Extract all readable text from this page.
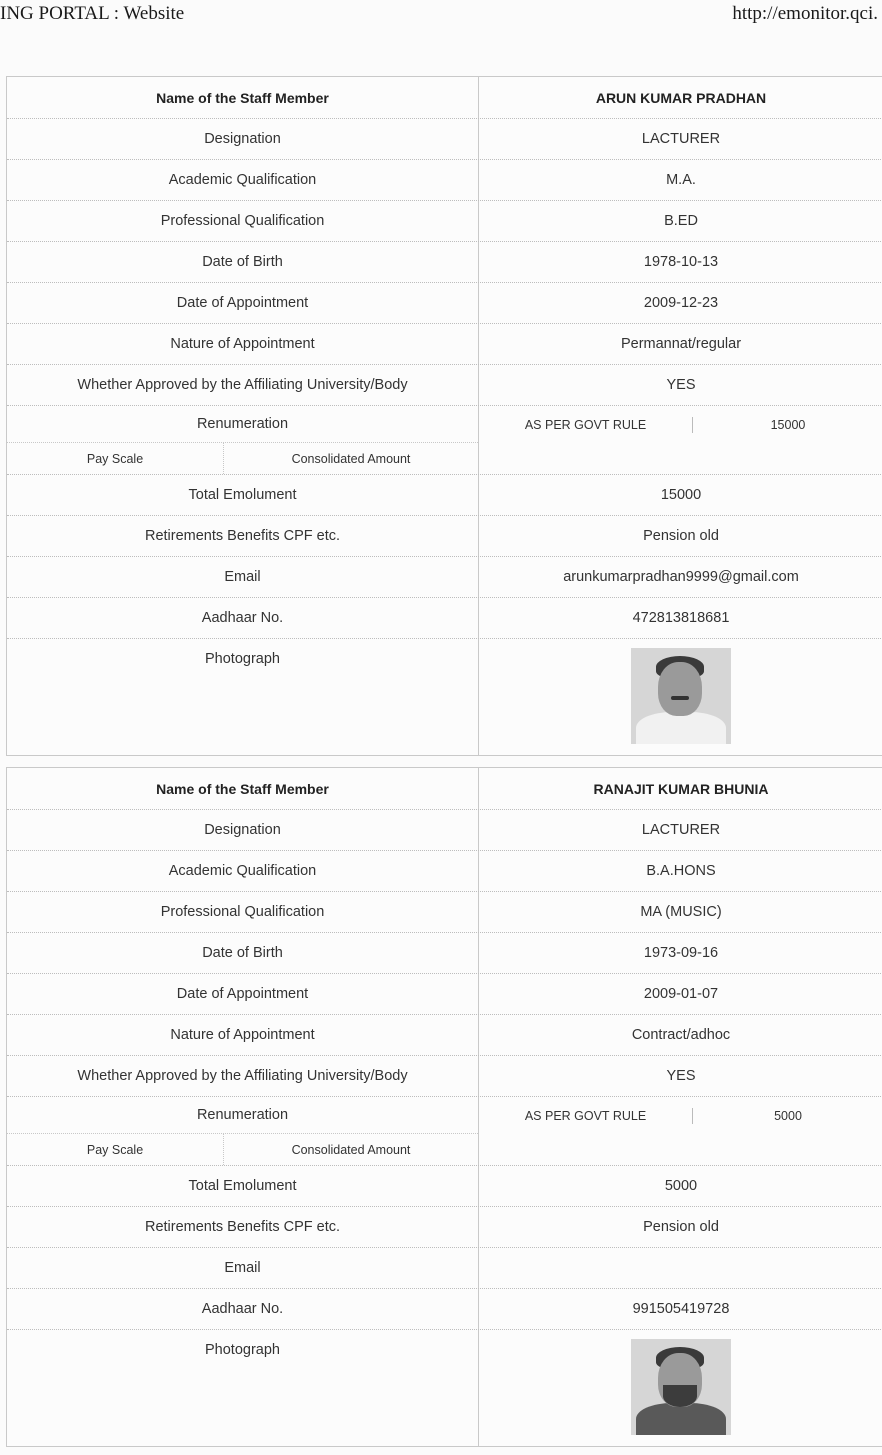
ING PORTAL : Website	http://emonitor.qci.
Name of the Staff Member	ARUN KUMAR PRADHAN
Designation	LACTURER
Academic Qualification	M.A.
Professional Qualification	B.ED
Date of Birth	1978-10-13
Date of Appointment	2009-12-23
Nature of Appointment	Permannat/regular
Whether Approved by the Affiliating University/Body	YES
Renumeration
Pay Scale	Consolidated Amount
AS PER GOVT RULE	15000
Total Emolument	15000
Retirements Benefits CPF etc.	Pension old
Email	arunkumarpradhan9999@gmail.com
Aadhaar No.	472813818681
Photograph
Name of the Staff Member	RANAJIT KUMAR BHUNIA
Designation	LACTURER
Academic Qualification	B.A.HONS
Professional Qualification	MA (MUSIC)
Date of Birth	1973-09-16
Date of Appointment	2009-01-07
Nature of Appointment	Contract/adhoc
Whether Approved by the Affiliating University/Body	YES
Renumeration
Pay Scale	Consolidated Amount
AS PER GOVT RULE	5000
Total Emolument	5000
Retirements Benefits CPF etc.	Pension old
Email
Aadhaar No.	991505419728
Photograph
